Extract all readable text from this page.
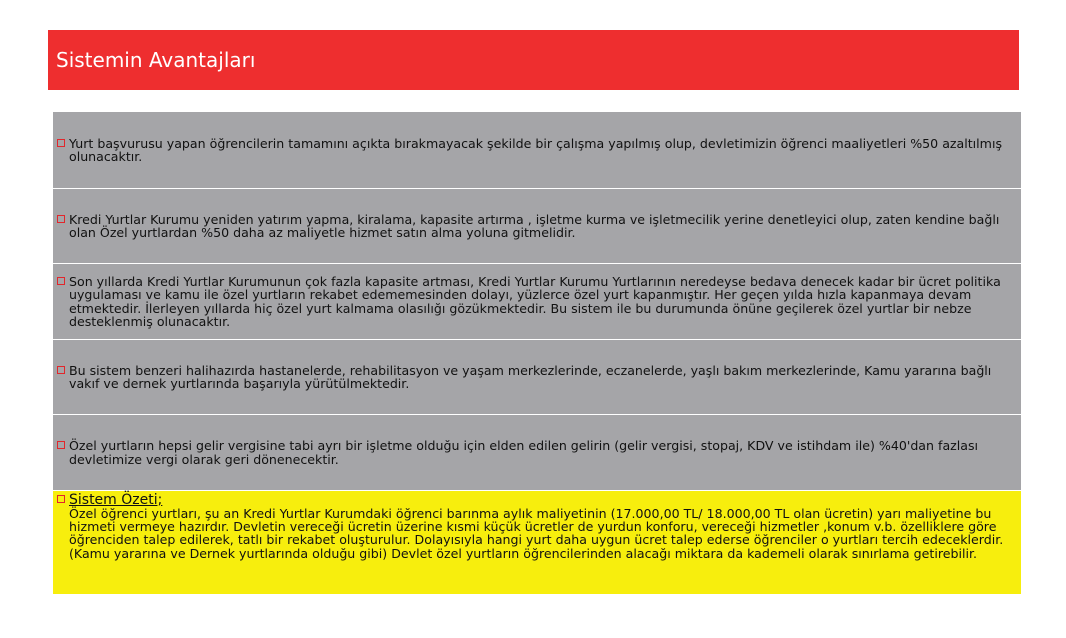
Sistemin Avantajları
Yurt başvurusu yapan öğrencilerin tamamını açıkta bırakmayacak şekilde bir çalışma yapılmış olup, devletimizin öğrenci maaliyetleri %50 azaltılmış olunacaktır.
Kredi Yurtlar Kurumu yeniden yatırım yapma, kiralama, kapasite artırma , işletme kurma ve işletmecilik yerine denetleyici olup, zaten kendine bağlı olan Özel yurtlardan %50 daha az maliyetle hizmet satın alma yoluna gitmelidir.
Son yıllarda Kredi Yurtlar Kurumunun çok fazla kapasite artması, Kredi Yurtlar Kurumu Yurtlarının neredeyse bedava denecek kadar bir ücret politika uygulaması ve kamu ile özel yurtların rekabet edememesinden dolayı, yüzlerce özel yurt kapanmıştır. Her geçen yılda hızla kapanmaya devam etmektedir. İlerleyen yıllarda hiç özel yurt kalmama olasılığı gözükmektedir. Bu sistem ile bu durumunda önüne geçilerek özel yurtlar bir nebze desteklenmiş olunacaktır.
Bu sistem benzeri halihazırda hastanelerde, rehabilitasyon ve yaşam merkezlerinde, eczanelerde, yaşlı bakım merkezlerinde, Kamu yararına bağlı vakıf ve dernek yurtlarında başarıyla yürütülmektedir.
Özel yurtların hepsi gelir vergisine tabi ayrı bir işletme olduğu için elden edilen gelirin (gelir vergisi, stopaj, KDV ve istihdam ile) %40'dan fazlası devletimize vergi olarak geri dönenecektir.
Sistem Özeti;
Özel öğrenci yurtları, şu an Kredi Yurtlar Kurumdaki öğrenci barınma aylık maliyetinin (17.000,00 TL/ 18.000,00 TL olan ücretin) yarı maliyetine bu hizmeti vermeye hazırdır. Devletin vereceği ücretin üzerine kısmi küçük ücretler de yurdun konforu, vereceği hizmetler ,konum v.b. özelliklere göre öğrenciden talep edilerek, tatlı bir rekabet oluşturulur. Dolayısıyla hangi yurt daha uygun ücret talep ederse öğrenciler o yurtları tercih edeceklerdir. (Kamu yararına ve Dernek yurtlarında olduğu gibi) Devlet özel yurtların öğrencilerinden alacağı miktara da kademeli olarak sınırlama getirebilir.
